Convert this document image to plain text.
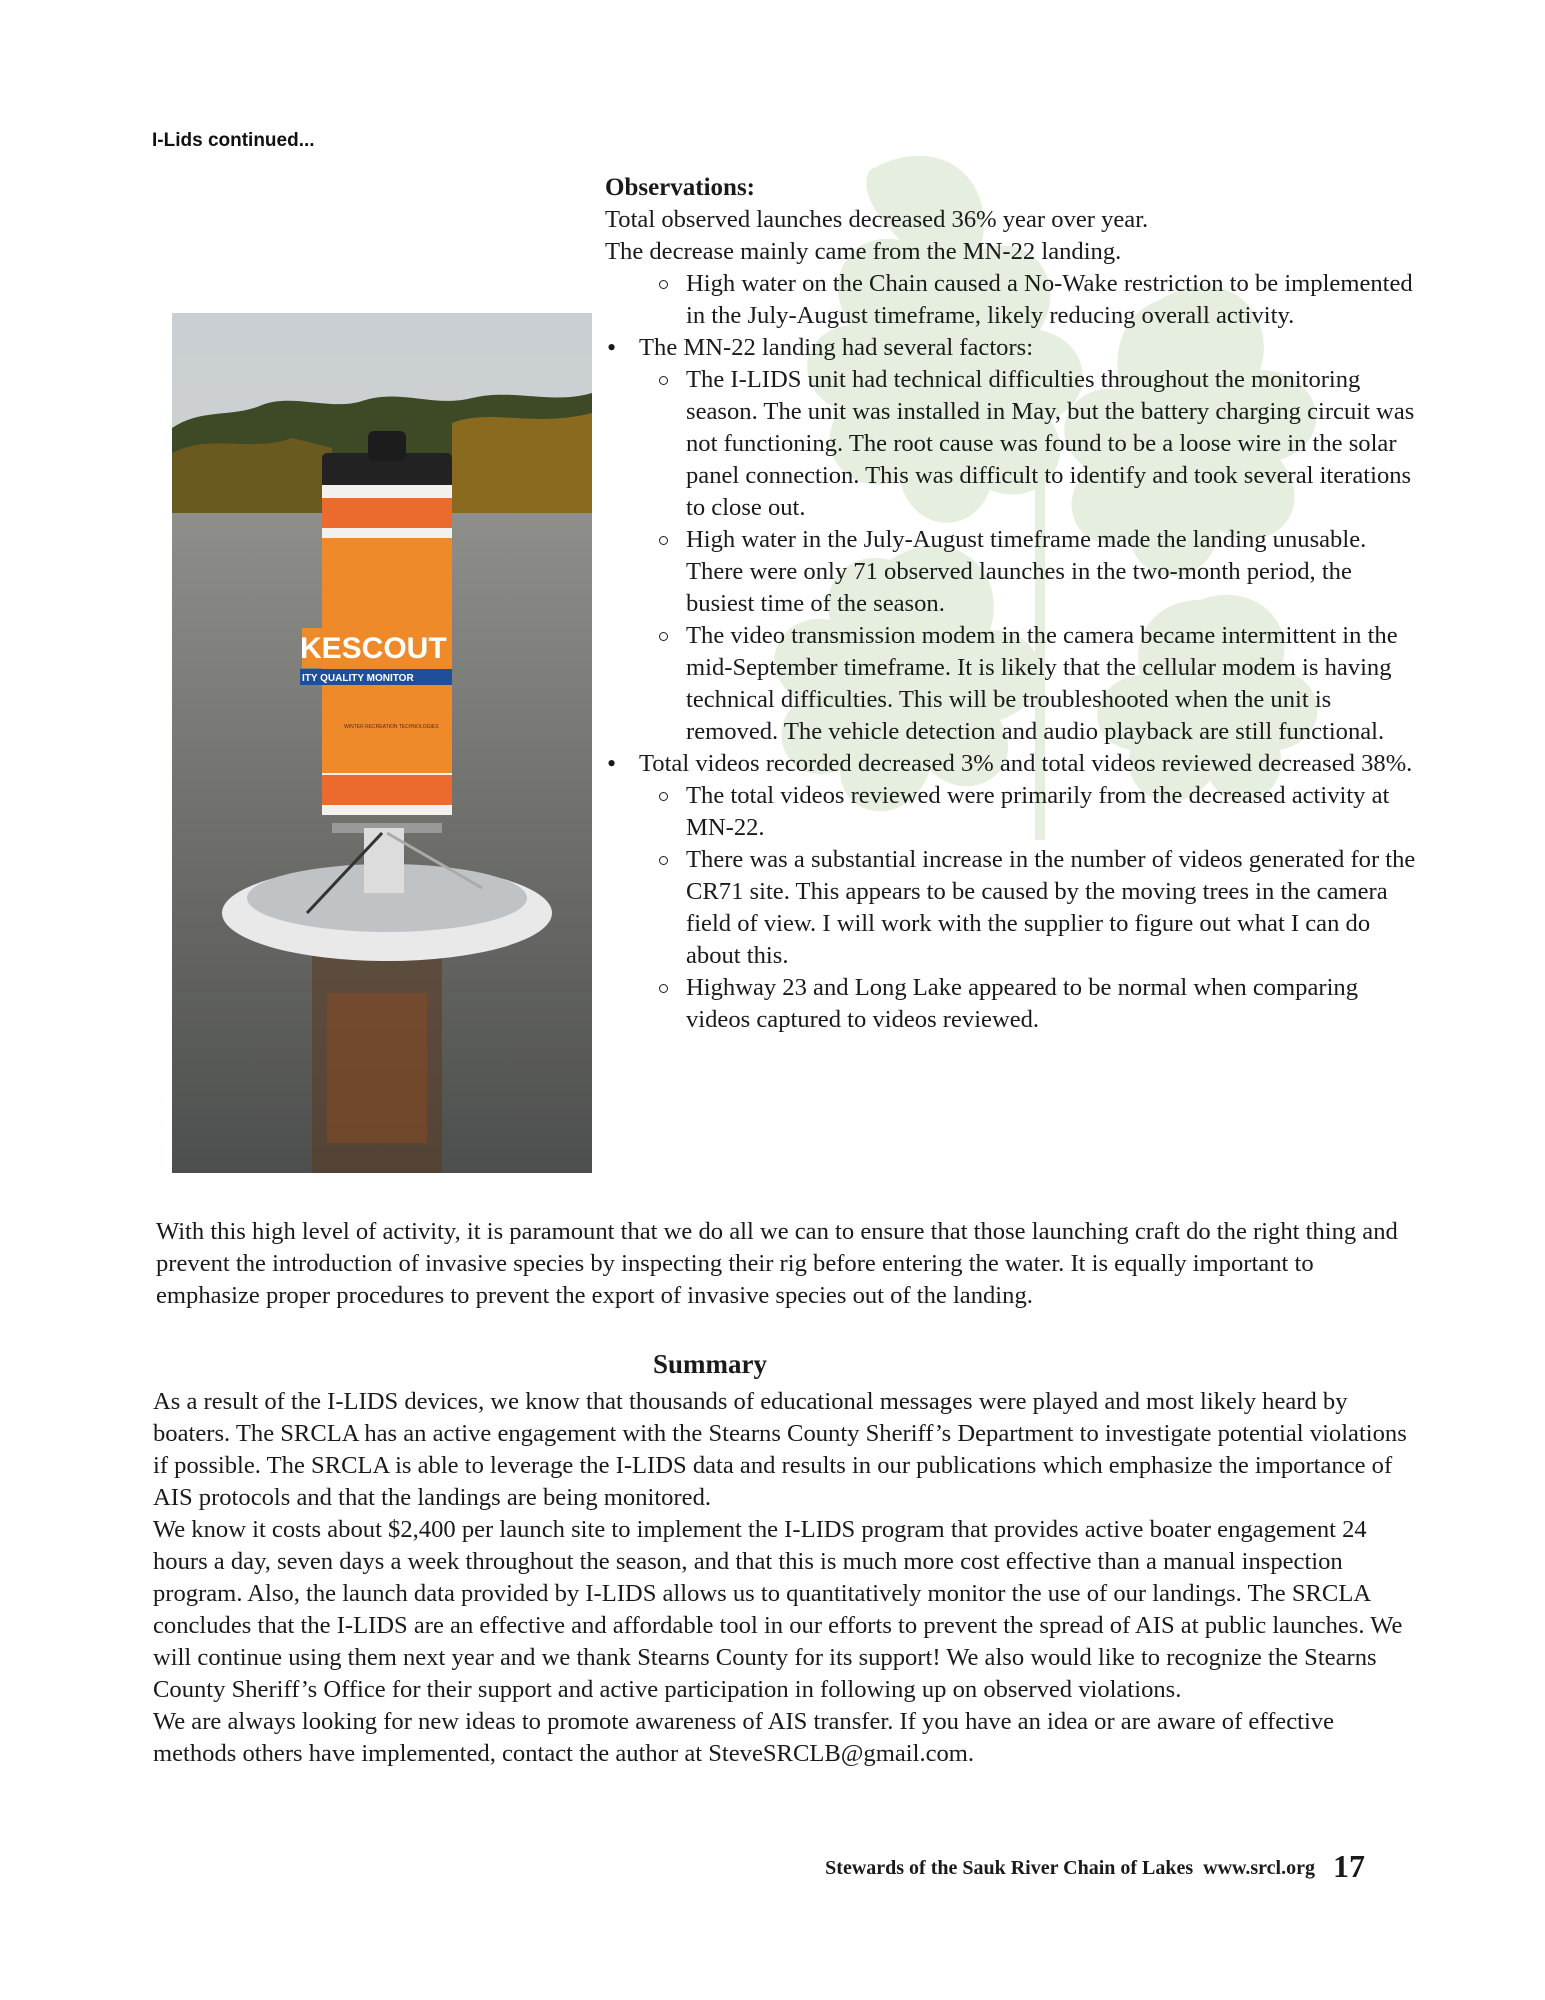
I-Lids continued...
KESCOUT
ITY QUALITY MONITOR
WINTER RECREATION TECHNOLOGIES
Observations:

Total observed launches decreased 36% year over year.

The decrease mainly came from the MN-22 landing.

High water on the Chain caused a No-Wake restriction to be implemented in the July-August timeframe, likely reducing overall activity.
• The MN-22 landing had several factors:
The I-LIDS unit had technical difficulties throughout the monitoring season. The unit was installed in May, but the battery charging circuit was not functioning. The root cause was found to be a loose wire in the solar panel connection. This was difficult to identify and took several iterations to close out.
High water in the July-August timeframe made the landing unusable. There were only 71 observed launches in the two-month period, the busiest time of the season.
The video transmission modem in the camera became intermittent in the mid-September timeframe. It is likely that the cellular modem is having technical difficulties. This will be troubleshooted when the unit is removed. The vehicle detection and audio playback are still functional.
• Total videos recorded decreased 3% and total videos reviewed decreased 38%.
The total videos reviewed were primarily from the decreased activity at MN-22.
There was a substantial increase in the number of videos generated for the CR71 site. This appears to be caused by the moving trees in the camera field of view. I will work with the supplier to figure out what I can do about this.
Highway 23 and Long Lake appeared to be normal when comparing videos captured to videos reviewed.

With this high level of activity, it is paramount that we do all we can to ensure that those launching craft do the right thing and prevent the introduction of invasive species by inspecting their rig before entering the water. It is equally important to emphasize proper procedures to prevent the export of invasive species out of the landing.

Summary

As a result of the I-LIDS devices, we know that thousands of educational messages were played and most likely heard by boaters. The SRCLA has an active engagement with the Stearns County Sheriff’s Department to investigate potential violations if possible. The SRCLA is able to leverage the I-LIDS data and results in our publications which emphasize the importance of AIS protocols and that the landings are being monitored.

We know it costs about $2,400 per launch site to implement the I-LIDS program that provides active boater engagement 24 hours a day, seven days a week throughout the season, and that this is much more cost effective than a manual inspection program. Also, the launch data provided by I-LIDS allows us to quantitatively monitor the use of our landings. The SRCLA concludes that the I-LIDS are an effective and affordable tool in our efforts to prevent the spread of AIS at public launches. We will continue using them next year and we thank Stearns County for its support! We also would like to recognize the Stearns County Sheriff’s Office for their support and active participation in following up on observed violations.

We are always looking for new ideas to promote awareness of AIS transfer. If you have an idea or are aware of effective methods others have implemented, contact the author at SteveSRCLB@gmail.com.

Stewards of the Sauk River Chain of Lakes  www.srcl.org 17
